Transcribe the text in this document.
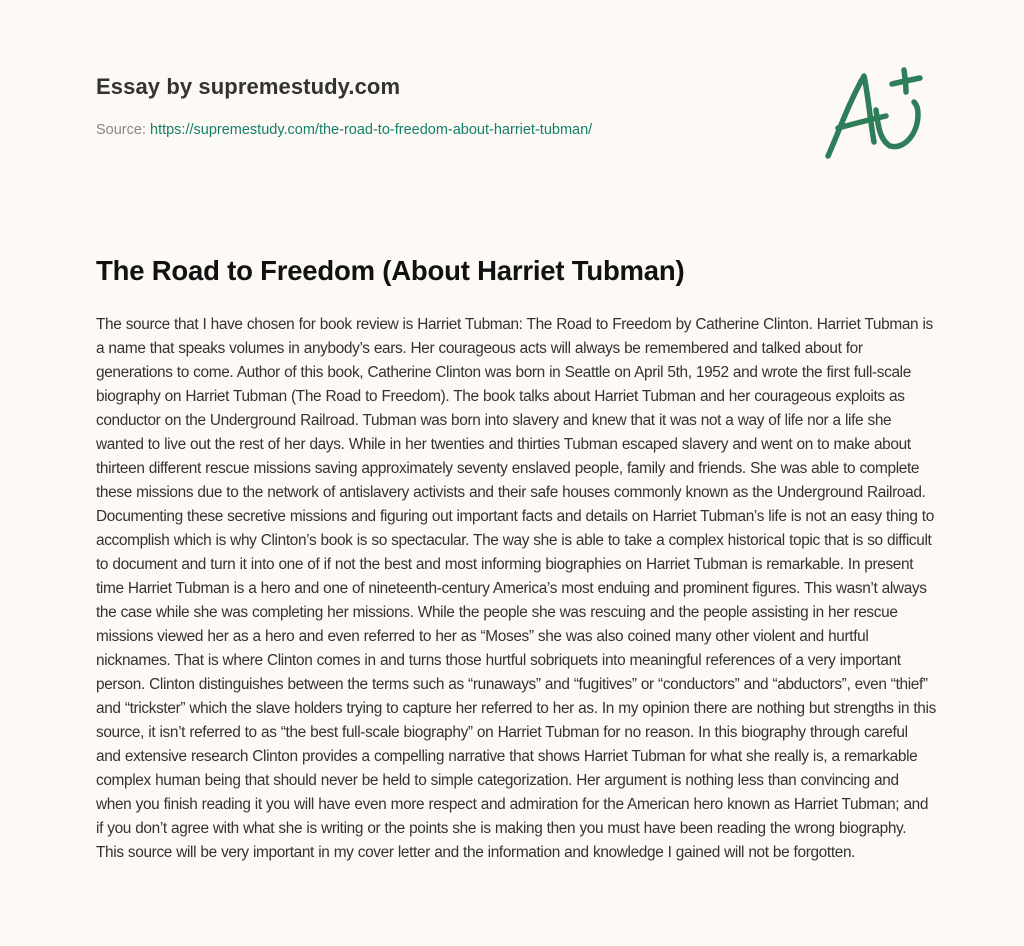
Essay by supremestudy.com
Source: https://supremestudy.com/the-road-to-freedom-about-harriet-tubman/
The Road to Freedom (About Harriet Tubman)

The source that I have chosen for book review is Harriet Tubman: The Road to Freedom by Catherine Clinton. Harriet Tubman is a name that speaks volumes in anybody’s ears. Her courageous acts will always be remembered and talked about for generations to come. Author of this book, Catherine Clinton was born in Seattle on April 5th, 1952 and wrote the first full-scale biography on Harriet Tubman (The Road to Freedom). The book talks about Harriet Tubman and her courageous exploits as conductor on the Underground Railroad. Tubman was born into slavery and knew that it was not a way of life nor a life she wanted to live out the rest of her days. While in her twenties and thirties Tubman escaped slavery and went on to make about thirteen different rescue missions saving approximately seventy enslaved people, family and friends. She was able to complete these missions due to the network of antislavery activists and their safe houses commonly known as the Underground Railroad. Documenting these secretive missions and figuring out important facts and details on Harriet Tubman’s life is not an easy thing to accomplish which is why Clinton’s book is so spectacular. The way she is able to take a complex historical topic that is so difficult to document and turn it into one of if not the best and most informing biographies on Harriet Tubman is remarkable. In present time Harriet Tubman is a hero and one of nineteenth-century America’s most enduing and prominent figures. This wasn’t always the case while she was completing her missions. While the people she was rescuing and the people assisting in her rescue missions viewed her as a hero and even referred to her as “Moses” she was also coined many other violent and hurtful nicknames. That is where Clinton comes in and turns those hurtful sobriquets into meaningful references of a very important person. Clinton distinguishes between the terms such as “runaways” and “fugitives” or “conductors” and “abductors”, even “thief” and “trickster” which the slave holders trying to capture her referred to her as. In my opinion there are nothing but strengths in this source, it isn’t referred to as “the best full-scale biography” on Harriet Tubman for no reason. In this biography through careful and extensive research Clinton provides a compelling narrative that shows Harriet Tubman for what she really is, a remarkable complex human being that should never be held to simple categorization. Her argument is nothing less than convincing and when you finish reading it you will have even more respect and admiration for the American hero known as Harriet Tubman; and if you don’t agree with what she is writing or the points she is making then you must have been reading the wrong biography. This source will be very important in my cover letter and the information and knowledge I gained will not be forgotten.
